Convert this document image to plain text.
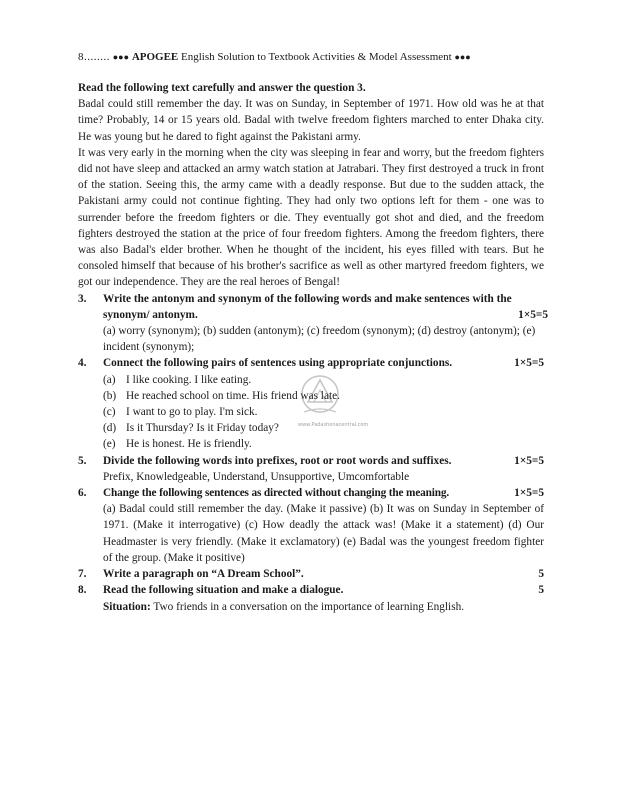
8........ ●●● APOGEE English Solution to Textbook Activities & Model Assessment ●●●

Read the following text carefully and answer the question 3.

Badal could still remember the day. It was on Sunday, in September of 1971. How old was he at that time? Probably, 14 or 15 years old. Badal with twelve freedom fighters marched to enter Dhaka city. He was young but he dared to fight against the Pakistani army.

It was very early in the morning when the city was sleeping in fear and worry, but the freedom fighters did not have sleep and attacked an army watch station at Jatrabari. They first destroyed a truck in front of the station. Seeing this, the army came with a deadly response. But due to the sudden attack, the Pakistani army could not continue fighting. They had only two options left for them - one was to surrender before the freedom fighters or die. They eventually got shot and died, and the freedom fighters destroyed the station at the price of four freedom fighters. Among the freedom fighters, there was also Badal's elder brother. When he thought of the incident, his eyes filled with tears. But he consoled himself that because of his brother's sacrifice as well as other martyred freedom fighters, we got our independence. They are the real heroes of Bengal!

3.	Write the antonym and synonym of the following words and make sentences with the synonym/ antonym.	1×5=5
(a) worry (synonym); (b) sudden (antonym); (c) freedom (synonym); (d) destroy (antonym); (e) incident (synonym);
4.	Connect the following pairs of sentences using appropriate conjunctions.	1×5=5
(a) I like cooking. I like eating.
(b) He reached school on time. His friend was late.
(c) I want to go to play. I'm sick.
(d) Is it Thursday? Is it Friday today?
(e) He is honest. He is friendly.
5.	Divide the following words into prefixes, root or root words and suffixes.	1×5=5
Prefix, Knowledgeable, Understand, Unsupportive, Umcomfortable
6.	Change the following sentences as directed without changing the meaning.	1×5=5
(a) Badal could still remember the day. (Make it passive) (b) It was on Sunday in September of 1971. (Make it interrogative) (c) How deadly the attack was! (Make it a statement) (d) Our Headmaster is very friendly. (Make it exclamatory) (e) Badal was the youngest freedom fighter of the group. (Make it positive)
7.	Write a paragraph on “A Dream School”.	5
8.	Read the following situation and make a dialogue.	5
Situation: Two friends in a conversation on the importance of learning English.
www.Padashonacentral.com
